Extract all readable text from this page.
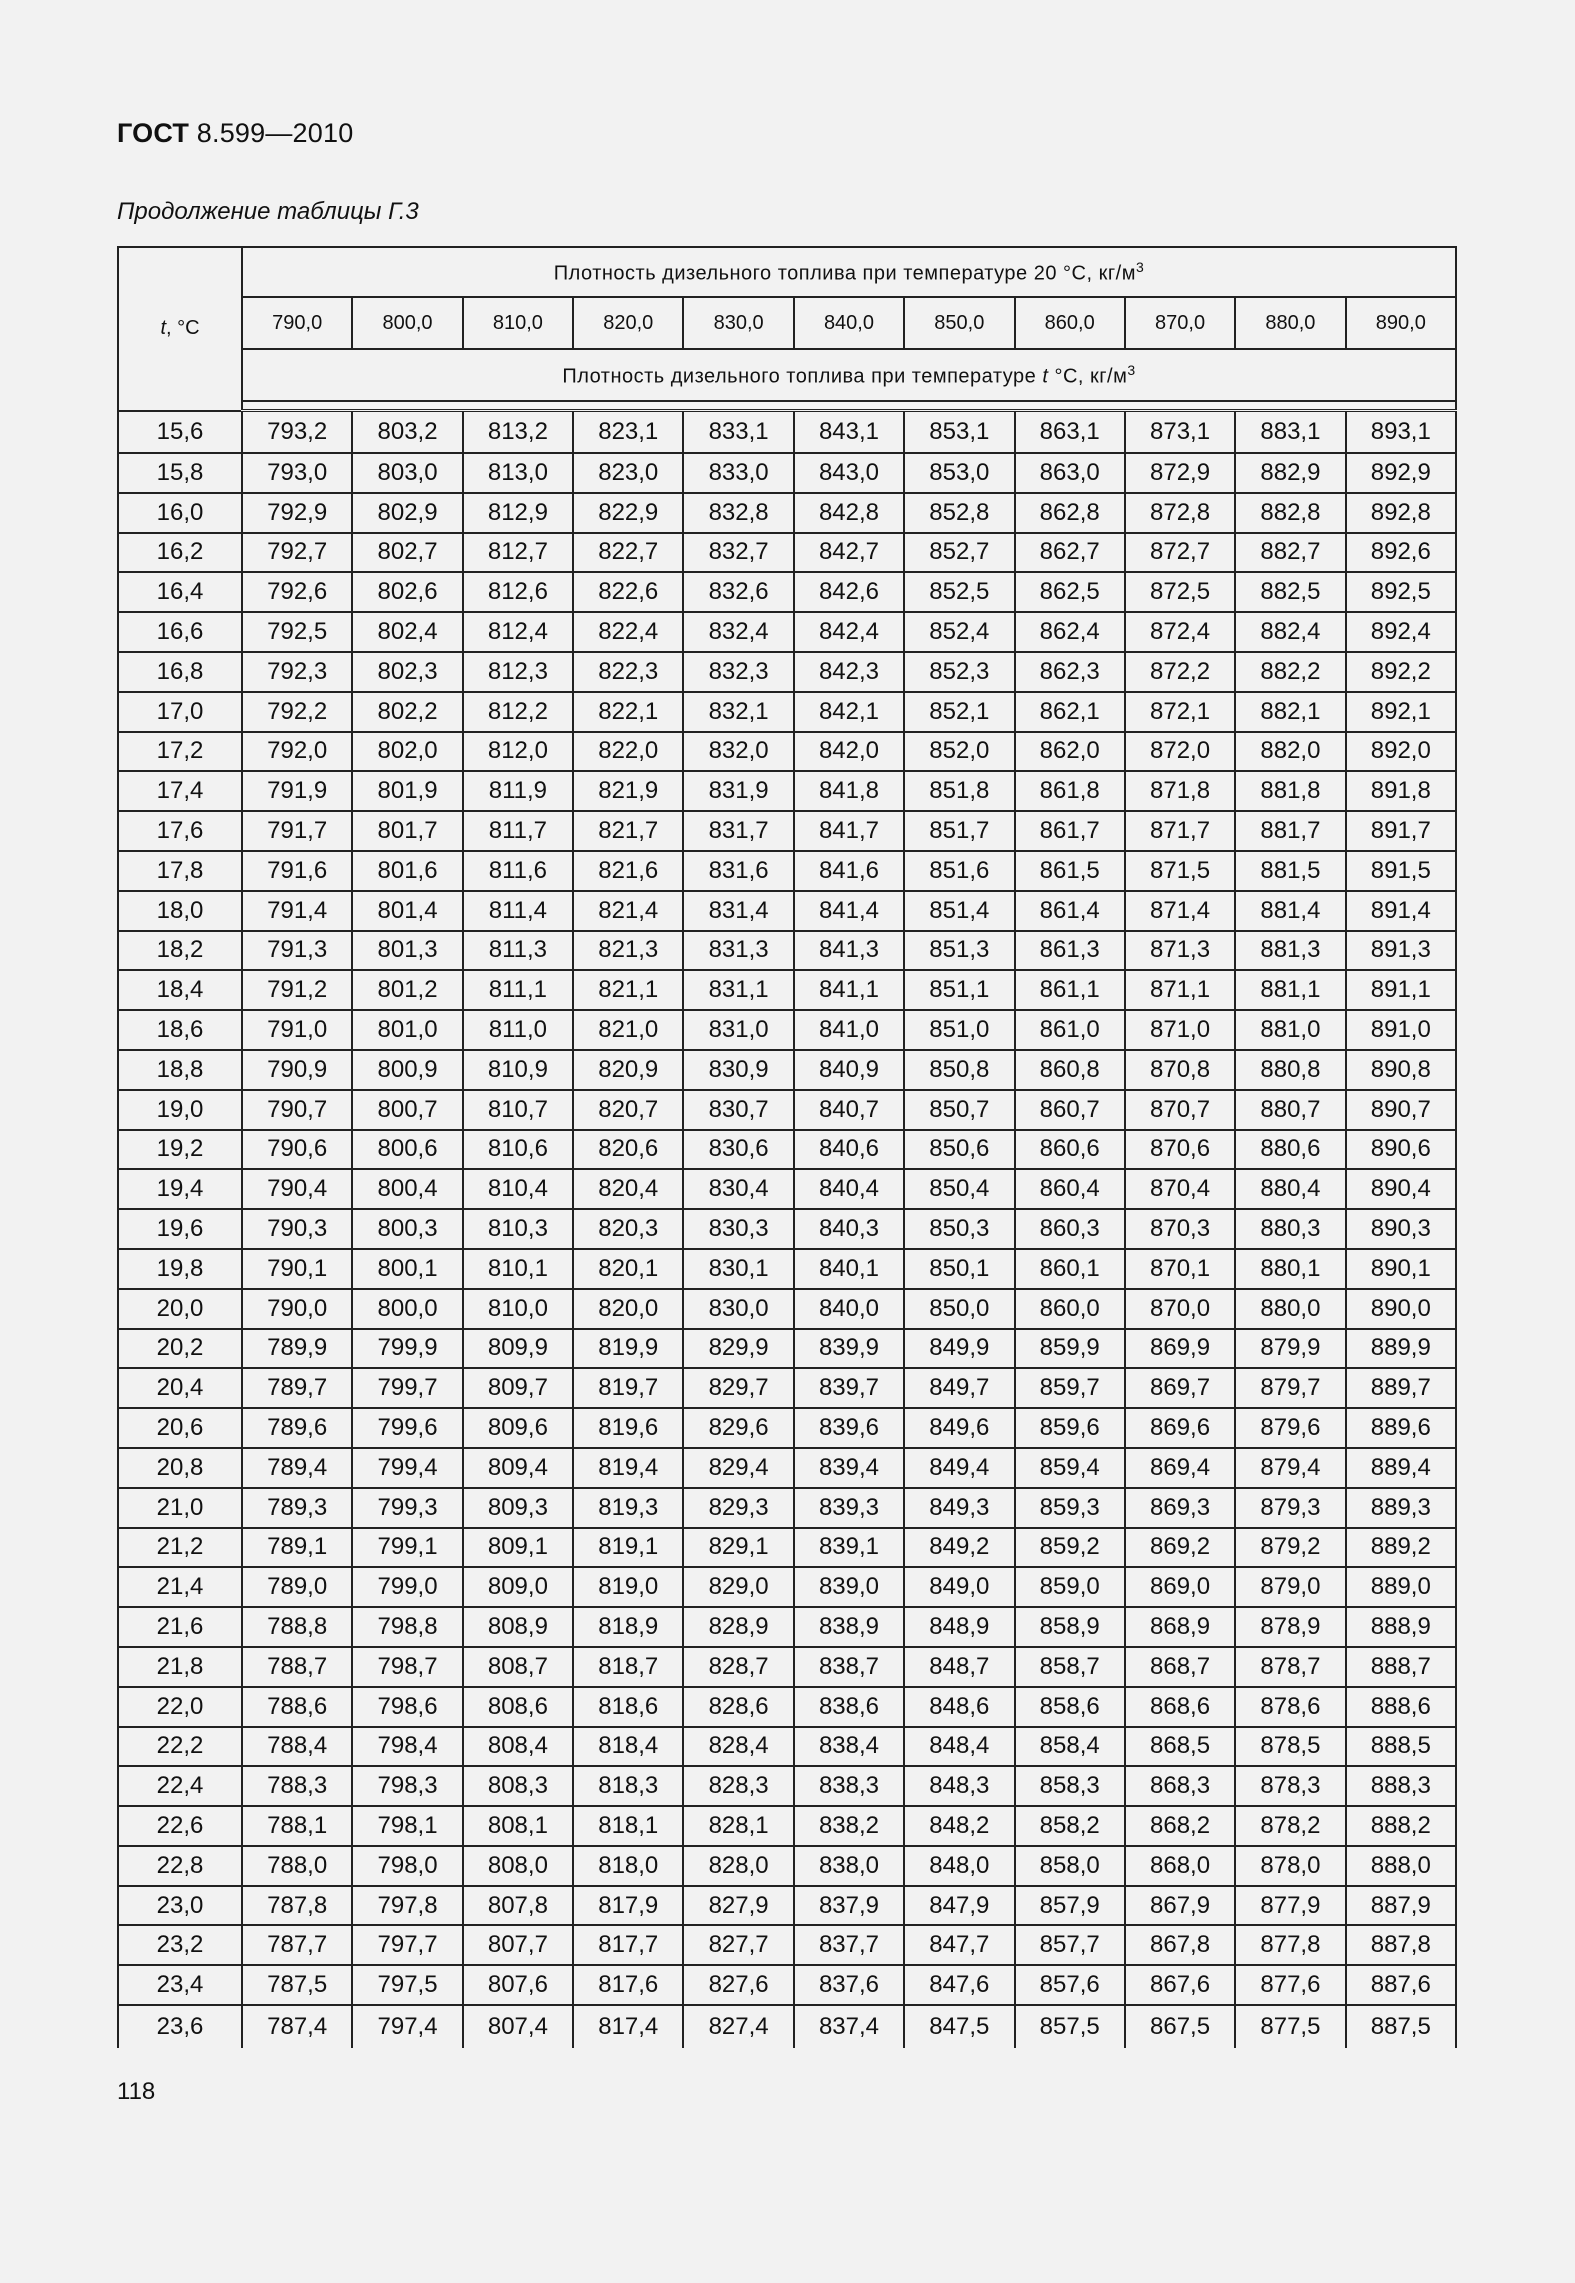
ГОСТ 8.599—2010
Продолжение таблицы Г.3
t, °C	Плотность дизельного топлива при температуре 20 °С, $кг/м^3$
	790,0	800,0	810,0	820,0	830,0	840,0	850,0	860,0	870,0	880,0	890,0
	Плотность дизельного топлива при температуре t °С, $кг/м^3$

15,6	793,2	803,2	813,2	823,1	833,1	843,1	853,1	863,1	873,1	883,1	893,1
15,8	793,0	803,0	813,0	823,0	833,0	843,0	853,0	863,0	872,9	882,9	892,9
16,0	792,9	802,9	812,9	822,9	832,8	842,8	852,8	862,8	872,8	882,8	892,8
16,2	792,7	802,7	812,7	822,7	832,7	842,7	852,7	862,7	872,7	882,7	892,6
16,4	792,6	802,6	812,6	822,6	832,6	842,6	852,5	862,5	872,5	882,5	892,5
16,6	792,5	802,4	812,4	822,4	832,4	842,4	852,4	862,4	872,4	882,4	892,4
16,8	792,3	802,3	812,3	822,3	832,3	842,3	852,3	862,3	872,2	882,2	892,2
17,0	792,2	802,2	812,2	822,1	832,1	842,1	852,1	862,1	872,1	882,1	892,1
17,2	792,0	802,0	812,0	822,0	832,0	842,0	852,0	862,0	872,0	882,0	892,0
17,4	791,9	801,9	811,9	821,9	831,9	841,8	851,8	861,8	871,8	881,8	891,8
17,6	791,7	801,7	811,7	821,7	831,7	841,7	851,7	861,7	871,7	881,7	891,7
17,8	791,6	801,6	811,6	821,6	831,6	841,6	851,6	861,5	871,5	881,5	891,5
18,0	791,4	801,4	811,4	821,4	831,4	841,4	851,4	861,4	871,4	881,4	891,4
18,2	791,3	801,3	811,3	821,3	831,3	841,3	851,3	861,3	871,3	881,3	891,3
18,4	791,2	801,2	811,1	821,1	831,1	841,1	851,1	861,1	871,1	881,1	891,1
18,6	791,0	801,0	811,0	821,0	831,0	841,0	851,0	861,0	871,0	881,0	891,0
18,8	790,9	800,9	810,9	820,9	830,9	840,9	850,8	860,8	870,8	880,8	890,8
19,0	790,7	800,7	810,7	820,7	830,7	840,7	850,7	860,7	870,7	880,7	890,7
19,2	790,6	800,6	810,6	820,6	830,6	840,6	850,6	860,6	870,6	880,6	890,6
19,4	790,4	800,4	810,4	820,4	830,4	840,4	850,4	860,4	870,4	880,4	890,4
19,6	790,3	800,3	810,3	820,3	830,3	840,3	850,3	860,3	870,3	880,3	890,3
19,8	790,1	800,1	810,1	820,1	830,1	840,1	850,1	860,1	870,1	880,1	890,1
20,0	790,0	800,0	810,0	820,0	830,0	840,0	850,0	860,0	870,0	880,0	890,0
20,2	789,9	799,9	809,9	819,9	829,9	839,9	849,9	859,9	869,9	879,9	889,9
20,4	789,7	799,7	809,7	819,7	829,7	839,7	849,7	859,7	869,7	879,7	889,7
20,6	789,6	799,6	809,6	819,6	829,6	839,6	849,6	859,6	869,6	879,6	889,6
20,8	789,4	799,4	809,4	819,4	829,4	839,4	849,4	859,4	869,4	879,4	889,4
21,0	789,3	799,3	809,3	819,3	829,3	839,3	849,3	859,3	869,3	879,3	889,3
21,2	789,1	799,1	809,1	819,1	829,1	839,1	849,2	859,2	869,2	879,2	889,2
21,4	789,0	799,0	809,0	819,0	829,0	839,0	849,0	859,0	869,0	879,0	889,0
21,6	788,8	798,8	808,9	818,9	828,9	838,9	848,9	858,9	868,9	878,9	888,9
21,8	788,7	798,7	808,7	818,7	828,7	838,7	848,7	858,7	868,7	878,7	888,7
22,0	788,6	798,6	808,6	818,6	828,6	838,6	848,6	858,6	868,6	878,6	888,6
22,2	788,4	798,4	808,4	818,4	828,4	838,4	848,4	858,4	868,5	878,5	888,5
22,4	788,3	798,3	808,3	818,3	828,3	838,3	848,3	858,3	868,3	878,3	888,3
22,6	788,1	798,1	808,1	818,1	828,1	838,2	848,2	858,2	868,2	878,2	888,2
22,8	788,0	798,0	808,0	818,0	828,0	838,0	848,0	858,0	868,0	878,0	888,0
23,0	787,8	797,8	807,8	817,9	827,9	837,9	847,9	857,9	867,9	877,9	887,9
23,2	787,7	797,7	807,7	817,7	827,7	837,7	847,7	857,7	867,8	877,8	887,8
23,4	787,5	797,5	807,6	817,6	827,6	837,6	847,6	857,6	867,6	877,6	887,6
23,6	787,4	797,4	807,4	817,4	827,4	837,4	847,5	857,5	867,5	877,5	887,5
118
